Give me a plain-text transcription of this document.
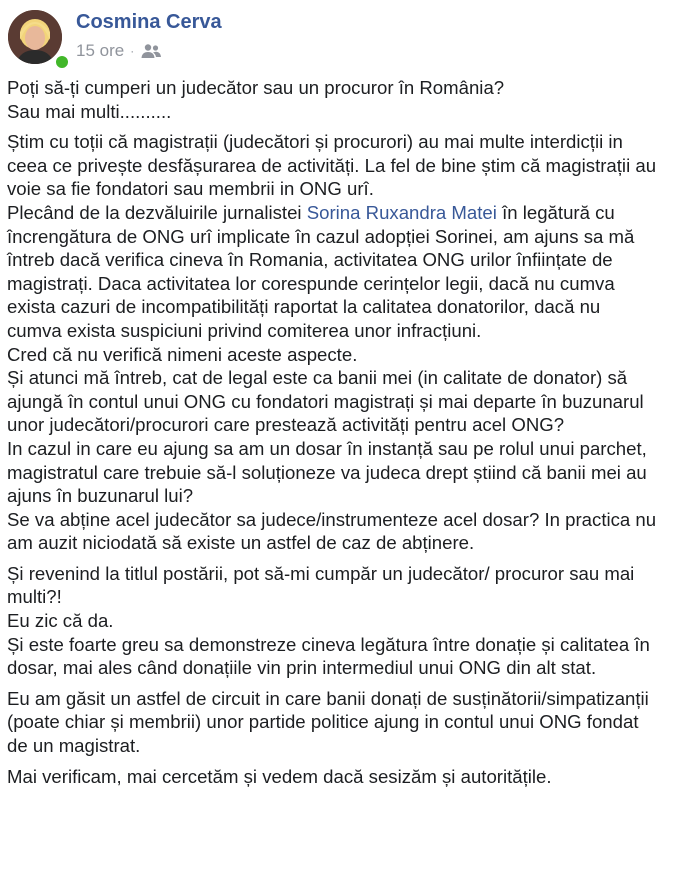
Cosmina Cerva
15 ore ·

Poți să-ți cumperi un judecător sau un procuror în România?
Sau mai multi..........

Știm cu toții că magistrații (judecători și procurori) au mai multe interdicții in
ceea ce privește desfășurarea de activități. La fel de bine știm că magistrații au
voie sa fie fondatori sau membrii in ONG urî.
Plecând de la dezvăluirile jurnalistei Sorina Ruxandra Matei în legătură cu
încrengătura de ONG urî implicate în cazul adopției Sorinei, am ajuns sa mă
întreb dacă verifica cineva în Romania, activitatea ONG urilor înființate de
magistrați. Daca activitatea lor corespunde cerințelor legii, dacă nu cumva
exista cazuri de incompatibilități raportat la calitatea donatorilor, dacă nu
cumva exista suspiciuni privind comiterea unor infracțiuni.
Cred că nu verifică nimeni aceste aspecte.
Și atunci mă întreb, cat de legal este ca banii mei (in calitate de donator) să
ajungă în contul unui ONG cu fondatori magistrați și mai departe în buzunarul
unor judecători/procurori care prestează activități pentru acel ONG?
In cazul in care eu ajung sa am un dosar în instanță sau pe rolul unui parchet,
magistratul care trebuie să-l soluționeze va judeca drept știind că banii mei au
ajuns în buzunarul lui?
Se va abține acel judecător sa judece/instrumenteze acel dosar? In practica nu
am auzit niciodată să existe un astfel de caz de abținere.

Și revenind la titlul postării, pot să-mi cumpăr un judecător/ procuror sau mai
multi?!
Eu zic că da.
Și este foarte greu sa demonstreze cineva legătura între donație și calitatea în
dosar, mai ales când donațiile vin prin intermediul unui ONG din alt stat.

Eu am găsit un astfel de circuit in care banii donați de susținătorii/simpatizanții
(poate chiar și membrii) unor partide politice ajung in contul unui ONG fondat
de un magistrat.

Mai verificam, mai cercetăm și vedem dacă sesizăm și autoritățile.
